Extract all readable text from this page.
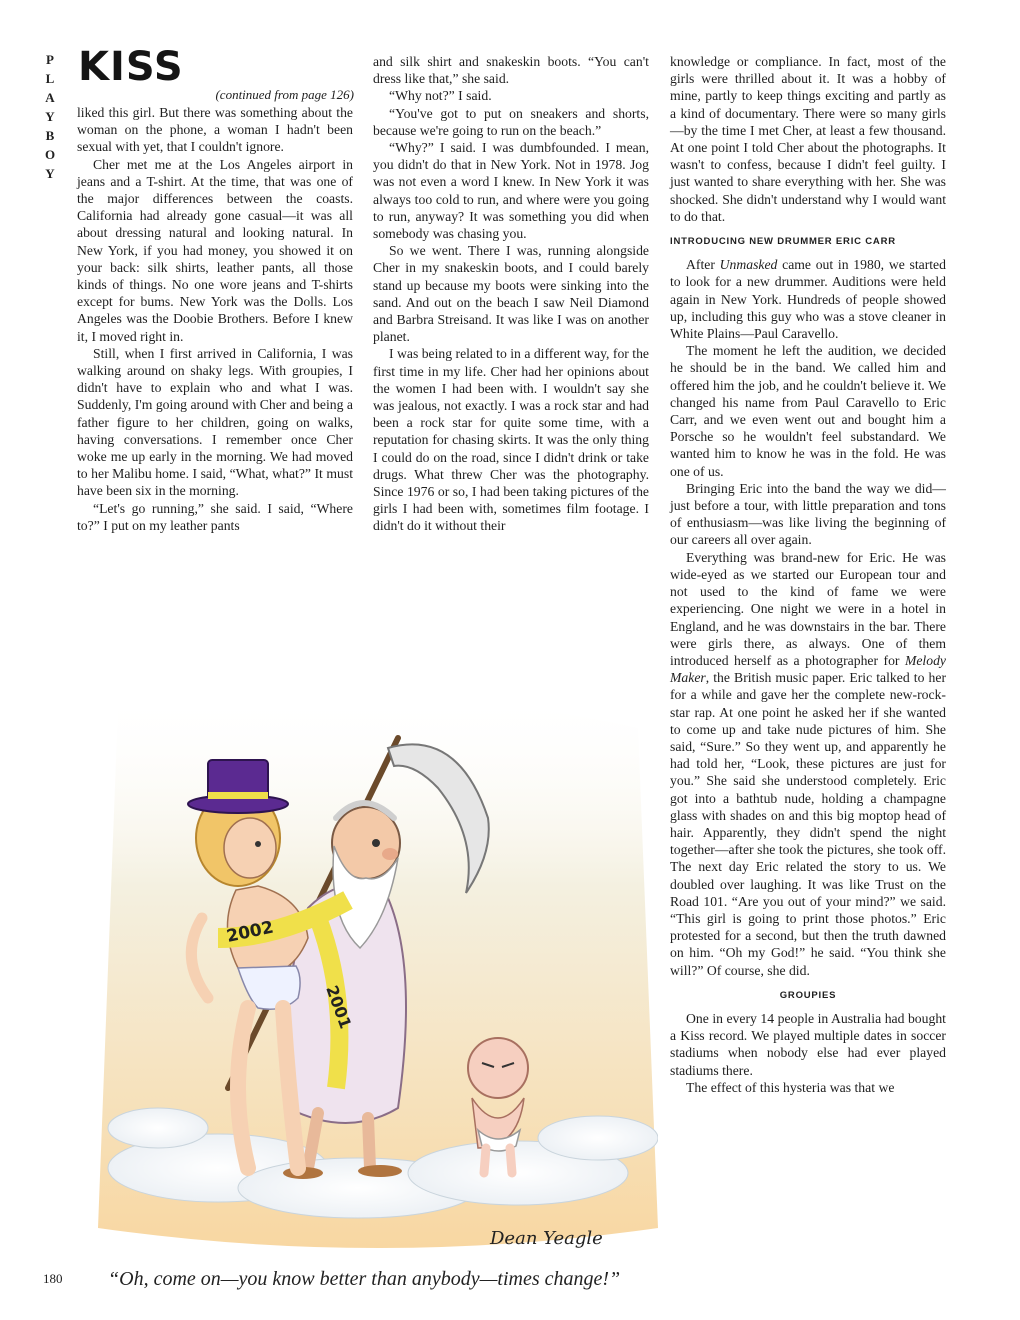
P
L
A
Y
B
O
Y
KISS

(continued from page 126)

liked this girl. But there was something about the woman on the phone, a woman I hadn't been sexual with yet, that I couldn't ignore.

Cher met me at the Los Angeles airport in jeans and a T-shirt. At the time, that was one of the major differences between the coasts. California had already gone casual—it was all about dressing natural and looking natural. In New York, if you had money, you showed it on your back: silk shirts, leather pants, all those kinds of things. No one wore jeans and T-shirts except for bums. New York was the Dolls. Los Angeles was the Doobie Brothers. Before I knew it, I moved right in.

Still, when I first arrived in California, I was walking around on shaky legs. With groupies, I didn't have to explain who and what I was. Suddenly, I'm going around with Cher and being a father figure to her children, going on walks, having conversations. I remember once Cher woke me up early in the morning. We had moved to her Malibu home. I said, “What, what?” It must have been six in the morning.

“Let's go running,” she said. I said, “Where to?” I put on my leather pants

and silk shirt and snakeskin boots. “You can't dress like that,” she said.

“Why not?” I said.

“You've got to put on sneakers and shorts, because we're going to run on the beach.”

“Why?” I said. I was dumbfounded. I mean, you didn't do that in New York. Not in 1978. Jog was not even a word I knew. In New York it was always too cold to run, and where were you going to run, anyway? It was something you did when somebody was chasing you.

So we went. There I was, running alongside Cher in my snakeskin boots, and I could barely stand up because my boots were sinking into the sand. And out on the beach I saw Neil Diamond and Barbra Streisand. It was like I was on another planet.

I was being related to in a different way, for the first time in my life. Cher had her opinions about the women I had been with. I wouldn't say she was jealous, not exactly. I was a rock star and had been a rock star for quite some time, with a reputation for chasing skirts. It was the only thing I could do on the road, since I didn't drink or take drugs. What threw Cher was the photography. Since 1976 or so, I had been taking pictures of the girls I had been with, sometimes film footage. I didn't do it without their

knowledge or compliance. In fact, most of the girls were thrilled about it. It was a hobby of mine, partly to keep things exciting and partly as a kind of documentary. There were so many girls—by the time I met Cher, at least a few thousand. At one point I told Cher about the photographs. It wasn't to confess, because I didn't feel guilty. I just wanted to share everything with her. She was shocked. She didn't understand why I would want to do that.

INTRODUCING NEW DRUMMER ERIC CARR

After Unmasked came out in 1980, we started to look for a new drummer. Auditions were held again in New York. Hundreds of people showed up, including this guy who was a stove cleaner in White Plains—Paul Caravello.

The moment he left the audition, we decided he should be in the band. We called him and offered him the job, and he couldn't believe it. We changed his name from Paul Caravello to Eric Carr, and we even went out and bought him a Porsche so he wouldn't feel substandard. We wanted him to know he was in the fold. He was one of us.

Bringing Eric into the band the way we did—just before a tour, with little preparation and tons of enthusiasm—was like living the beginning of our careers all over again.

Everything was brand-new for Eric. He was wide-eyed as we started our European tour and not used to the kind of fame we were experiencing. One night we were in a hotel in England, and he was downstairs in the bar. There were girls there, as always. One of them introduced herself as a photographer for Melody Maker, the British music paper. Eric talked to her for a while and gave her the complete new-rock-star rap. At one point he asked her if she wanted to come up and take nude pictures of him. She said, “Sure.” So they went up, and apparently he had told her, “Look, these pictures are just for you.” She said she understood completely. Eric got into a bathtub nude, holding a champagne glass with shades on and this big moptop head of hair. Apparently, they didn't spend the night together—after she took the pictures, she took off. The next day Eric related the story to us. We doubled over laughing. It was like Trust on the Road 101. “Are you out of your mind?” we said. “This girl is going to print those photos.” Eric protested for a second, but then the truth dawned on him. “Oh my God!” he said. “You think she will?” Of course, she did.

GROUPIES

One in every 14 people in Australia had bought a Kiss record. We played multiple dates in soccer stadiums when nobody else had ever played stadiums there.

The effect of this hysteria was that we

2001
2002
Dean Yeagle

180 “Oh, come on—you know better than anybody—times change!”
